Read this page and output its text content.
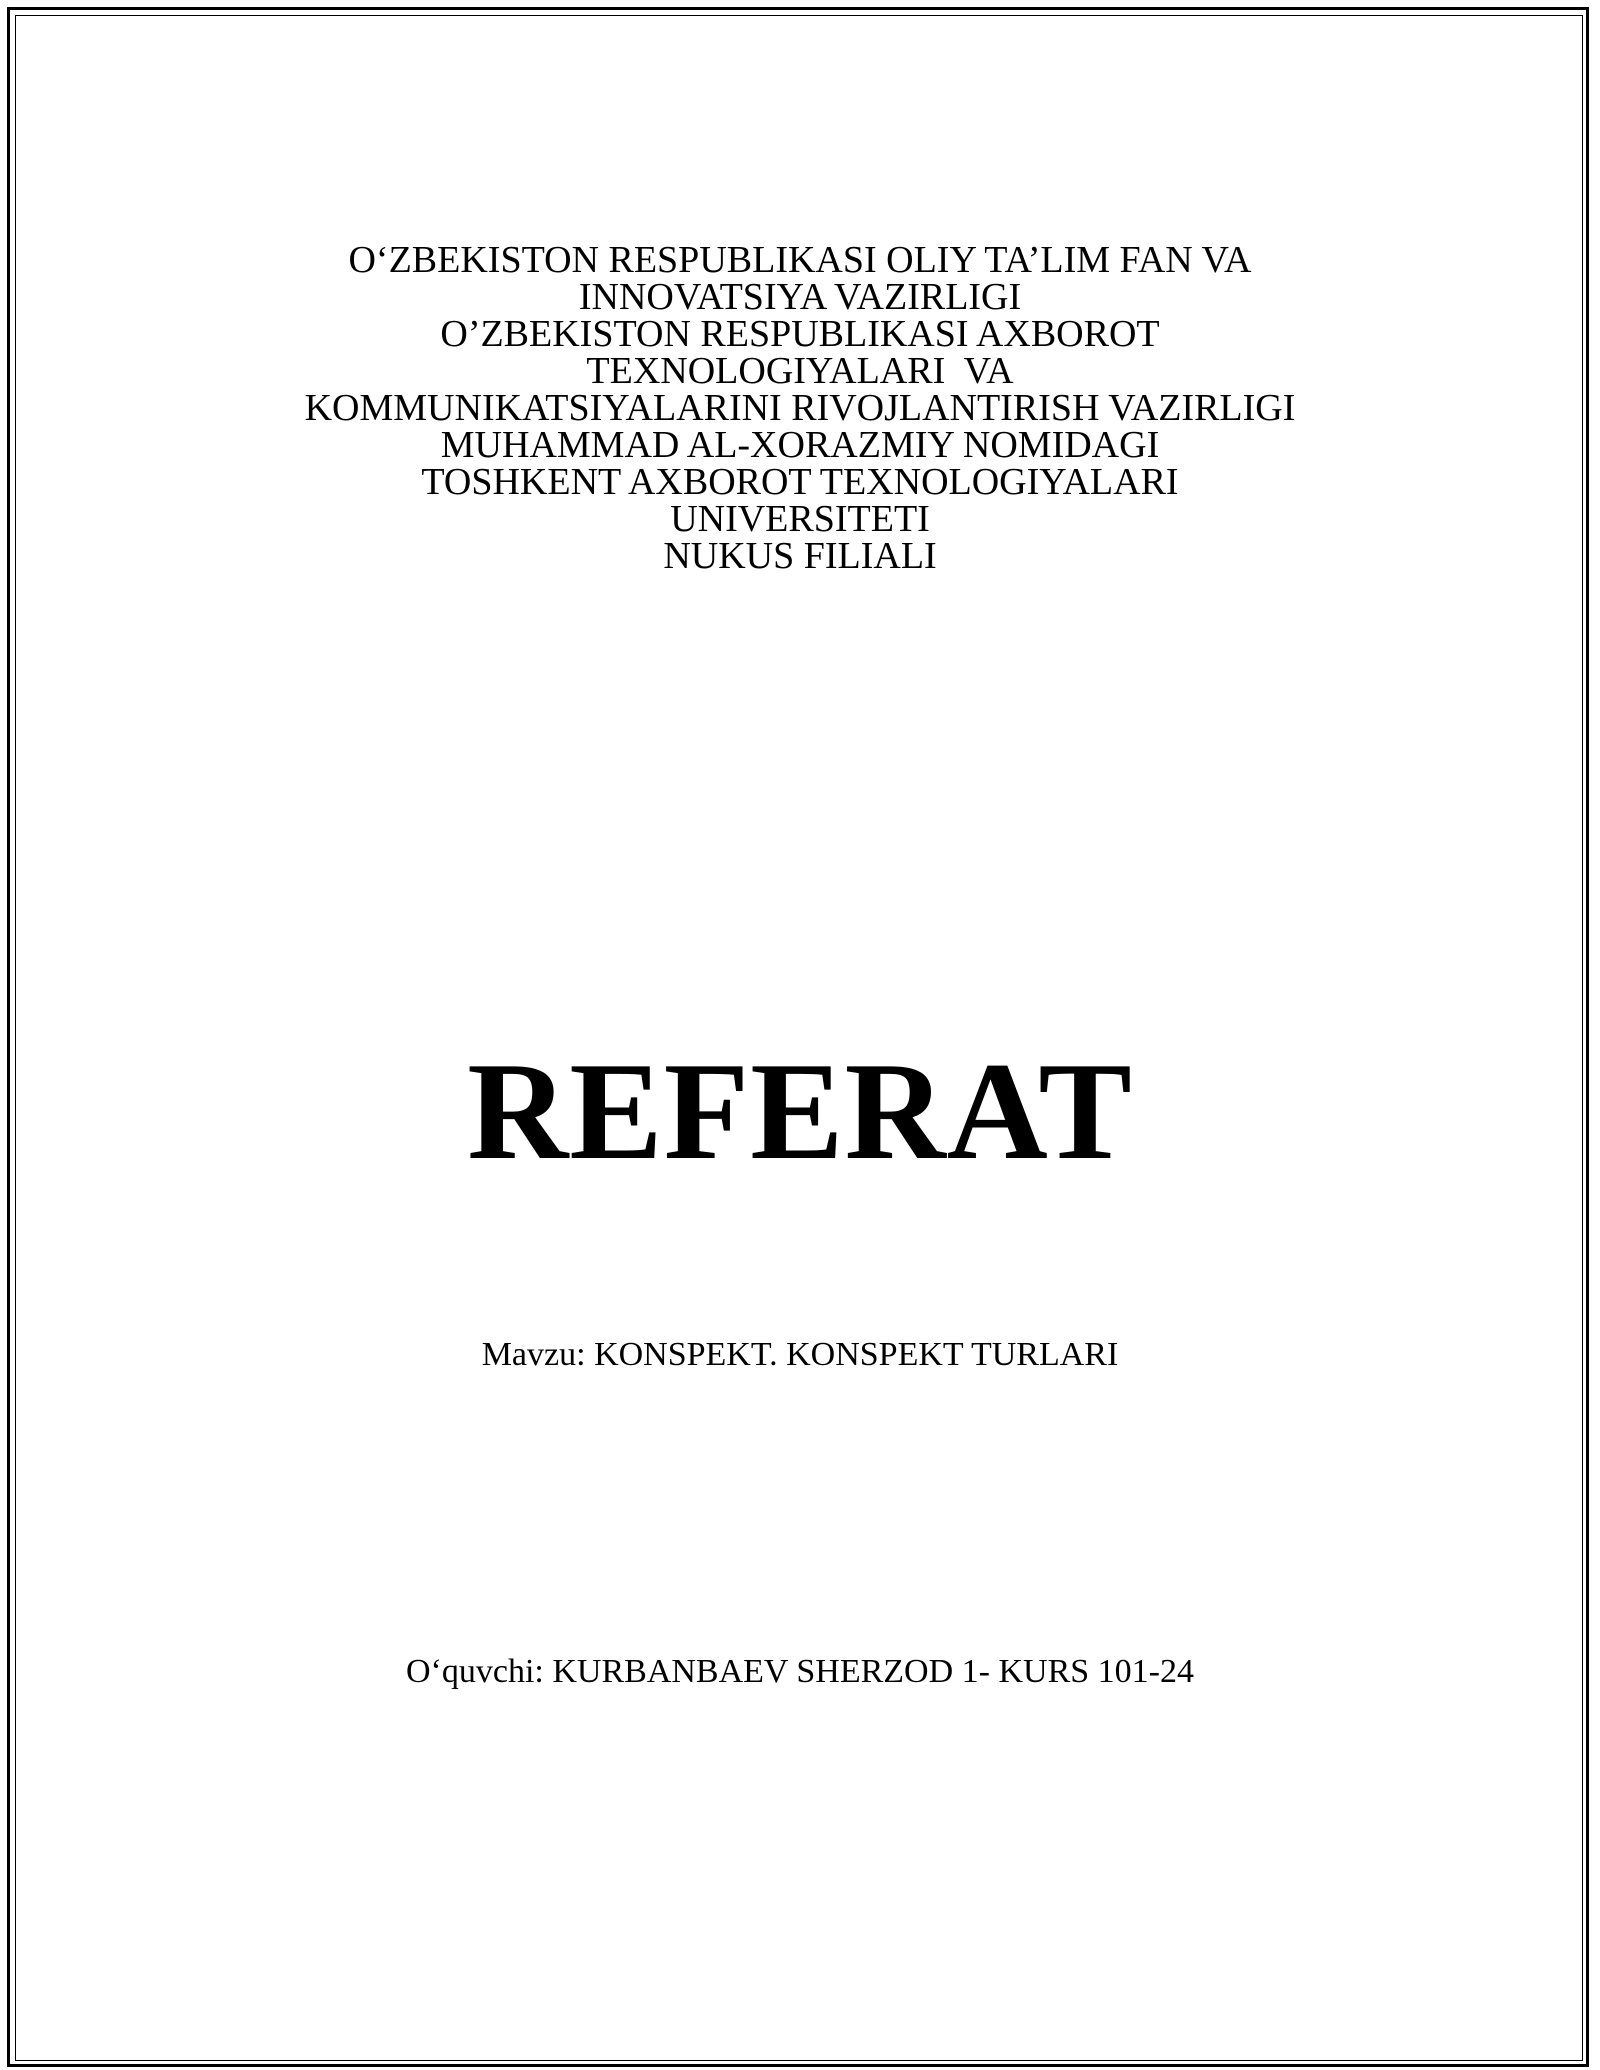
O‘ZBEKISTON RESPUBLIKASI OLIY TA’LIM FAN VA
INNOVATSIYA VAZIRLIGI
O’ZBEKISTON RESPUBLIKASI AXBOROT
TEXNOLOGIYALARI  VA
KOMMUNIKATSIYALARINI RIVOJLANTIRISH VAZIRLIGI
MUHAMMAD AL-XORAZMIY NOMIDAGI
TOSHKENT AXBOROT TEXNOLOGIYALARI
UNIVERSITETI
NUKUS FILIALI
REFERAT
Mavzu: KONSPEKT. KONSPEKT TURLARI
O‘quvchi: KURBANBAEV SHERZOD 1- KURS 101-24
